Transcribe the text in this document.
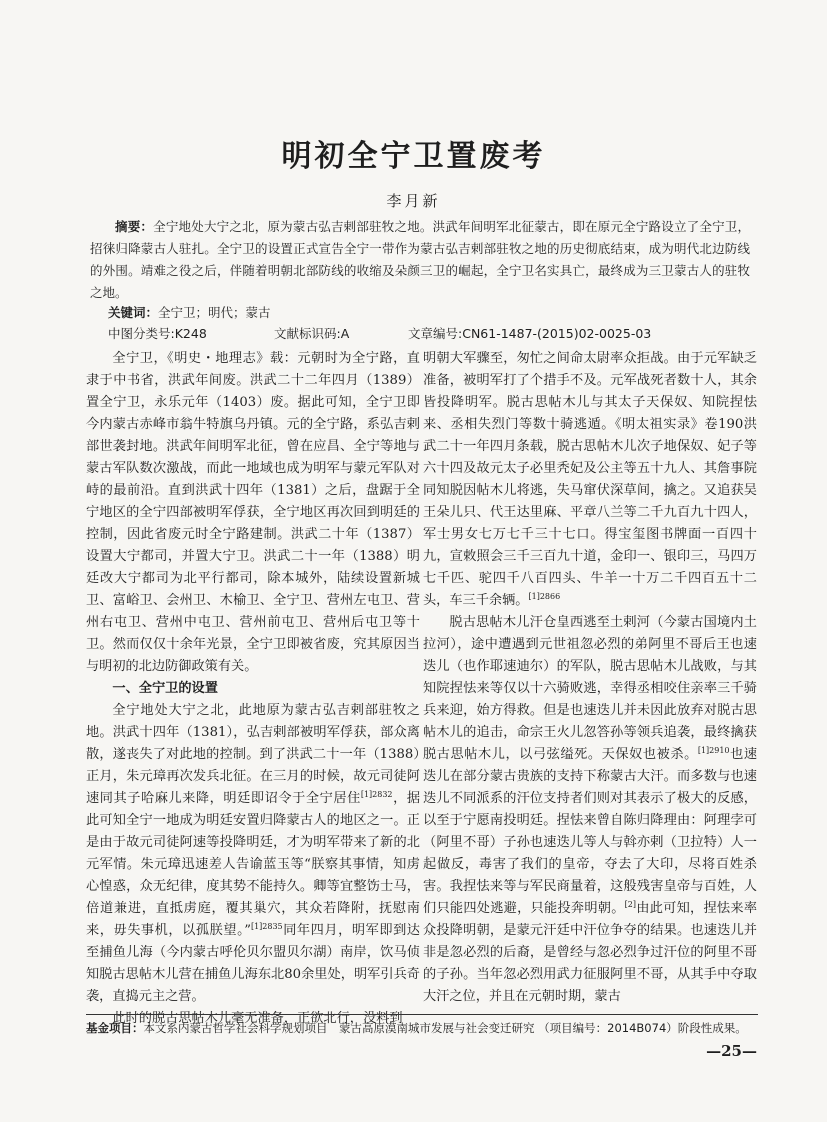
明初全宁卫置废考
李月新
摘要：全宁地处大宁之北，原为蒙古弘吉剌部驻牧之地。洪武年间明军北征蒙古，即在原元全宁路设立了全宁卫，招徕归降蒙古人驻扎。全宁卫的设置正式宣告全宁一带作为蒙古弘吉剌部驻牧之地的历史彻底结束，成为明代北边防线的外围。靖难之役之后，伴随着明朝北部防线的收缩及朵颜三卫的崛起，全宁卫名实具亡，最终成为三卫蒙古人的驻牧之地。
关键词：全宁卫；明代；蒙古
中图分类号:K248	文献标识码:A	文章编号:CN61-1487-(2015)02-0025-03

全宁卫，《明史・地理志》载：元朝时为全宁路，直隶于中书省，洪武年间废。洪武二十二年四月（1389）置全宁卫，永乐元年（1403）废。据此可知，全宁卫即今内蒙古赤峰市翁牛特旗乌丹镇。元的全宁路，系弘吉剌部世袭封地。洪武年间明军北征，曾在应昌、全宁等地与蒙古军队数次激战，而此一地域也成为明军与蒙元军队对峙的最前沿。直到洪武十四年（1381）之后，盘踞于全宁地区的全宁四部被明军俘获，全宁地区再次回到明廷的控制，因此省废元时全宁路建制。洪武二十年（1387）设置大宁都司，并置大宁卫。洪武二十一年（1388）明廷改大宁都司为北平行都司，除本城外，陆续设置新城卫、富峪卫、会州卫、木榆卫、全宁卫、营州左屯卫、营州右屯卫、营州中屯卫、营州前屯卫、营州后屯卫等十卫。然而仅仅十余年光景，全宁卫即被省废，究其原因当与明初的北边防御政策有关。

一、全宁卫的设置

全宁地处大宁之北，此地原为蒙古弘吉剌部驻牧之地。洪武十四年（1381），弘吉剌部被明军俘获，部众离散，遂丧失了对此地的控制。到了洪武二十一年（1388）正月，朱元璋再次发兵北征。在三月的时候，故元司徒阿速同其子哈麻儿来降，明廷即诏令于全宁居住$^{[1]2832}$，据此可知全宁一地成为明廷安置归降蒙古人的地区之一。正是由于故元司徒阿速等投降明廷，才为明军带来了新的北元军情。朱元璋迅速差人告谕蓝玉等“朕察其事情，知虏心惶惑，众无纪律，度其势不能持久。卿等宜整饬士马，倍道兼进，直抵虏庭，覆其巢穴，其众若降附，抚慰南来，毋失事机，以孤朕望。”$^{[1]2835}$同年四月，明军即到达至捕鱼儿海（今内蒙古呼伦贝尔盟贝尔湖）南岸，饮马侦知脱古思帖木儿营在捕鱼儿海东北80余里处，明军引兵奇袭，直捣元主之营。

此时的脱古思帖木儿毫无准备，正欲北行，没料到

明朝大军骤至，匆忙之间命太尉率众拒战。由于元军缺乏准备，被明军打了个措手不及。元军战死者数十人，其余皆投降明军。脱古思帖木儿与其太子天保奴、知院捏怯来、丞相失烈门等数十骑逃遁。《明太祖实录》卷190洪武二十一年四月条载，脱古思帖木儿次子地保奴、妃子等六十四及故元太子必里秃妃及公主等五十九人、其詹事院同知脱因帖木儿将逃，失马窜伏深草间，擒之。又追获吴王朵儿只、代王达里麻、平章八兰等二千九百九十四人，军士男女七万七千三十七口。得宝玺图书牌面一百四十九，宣敕照会三千三百九十道，金印一、银印三，马四万七千匹、驼四千八百四头、牛羊一十万二千四百五十二头，车三千余辆。$^{[1]2866}$

脱古思帖木儿汗仓皇西逃至土剌河（今蒙古国境内土拉河），途中遭遇到元世祖忽必烈的弟阿里不哥后王也速迭儿（也作耶速迪尔）的军队，脱古思帖木儿战败，与其知院捏怯来等仅以十六骑败逃，幸得丞相咬住亲率三千骑兵来迎，始方得救。但是也速迭儿并未因此放弃对脱古思帖木儿的追击，命宗王火儿忽答孙等领兵追袭，最终擒获脱古思帖木儿，以弓弦缢死。天保奴也被杀。$^{[1]2910}$也速迭儿在部分蒙古贵族的支持下称蒙古大汗。而多数与也速迭儿不同派系的汗位支持者们则对其表示了极大的反感，以至于宁愿南投明廷。捏怯来曾自陈归降理由：阿理孛可（阿里不哥）子孙也速迭儿等人与斡亦剌（卫拉特）人一起做反，毒害了我们的皇帝，夺去了大印，尽将百姓杀害。我捏怯来等与军民商量着，这般残害皇帝与百姓，人们只能四处逃避，只能投奔明朝。[2]由此可知，捏怯来率众投降明朝，是蒙元汗廷中汗位争夺的结果。也速迭儿并非是忽必烈的后裔，是曾经与忽必烈争过汗位的阿里不哥的子孙。当年忽必烈用武力征服阿里不哥，从其手中夺取大汗之位，并且在元朝时期，蒙古

基金项目：本文系内蒙古哲学社会科学规划项目　蒙古高原漠南城市发展与社会变迁研究 （项目编号：2014B074）阶段性成果。
—25—
